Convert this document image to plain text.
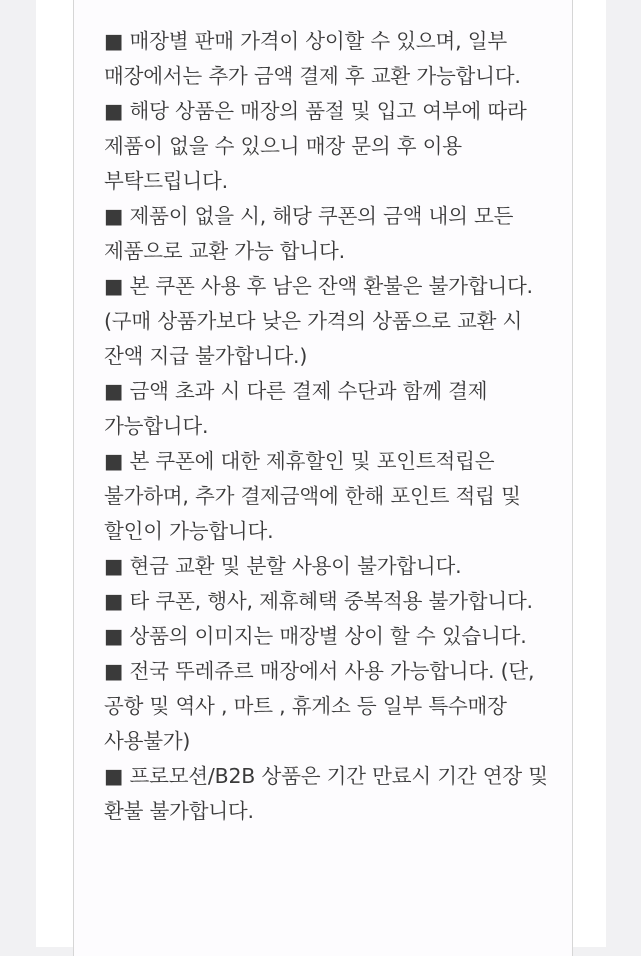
■ 매장별 판매 가격이 상이할 수 있으며, 일부 매장에서는 추가 금액 결제 후 교환 가능합니다.
■ 해당 상품은 매장의 품절 및 입고 여부에 따라 제품이 없을 수 있으니 매장 문의 후 이용 부탁드립니다.
■ 제품이 없을 시, 해당 쿠폰의 금액 내의 모든 제품으로 교환 가능 합니다.
■ 본 쿠폰 사용 후 남은 잔액 환불은 불가합니다. (구매 상품가보다 낮은 가격의 상품으로 교환 시 잔액 지급 불가합니다.)
■ 금액 초과 시 다른 결제 수단과 함께 결제 가능합니다.
■ 본 쿠폰에 대한 제휴할인 및 포인트적립은 불가하며, 추가 결제금액에 한해 포인트 적립 및 할인이 가능합니다.
■ 현금 교환 및 분할 사용이 불가합니다.
■ 타 쿠폰, 행사, 제휴혜택 중복적용 불가합니다.
■ 상품의 이미지는 매장별 상이 할 수 있습니다.
■ 전국 뚜레쥬르 매장에서 사용 가능합니다. (단, 공항 및 역사 , 마트 , 휴게소 등 일부 특수매장 사용불가)
■ 프로모션/B2B 상품은 기간 만료시 기간 연장 및 환불 불가합니다.
